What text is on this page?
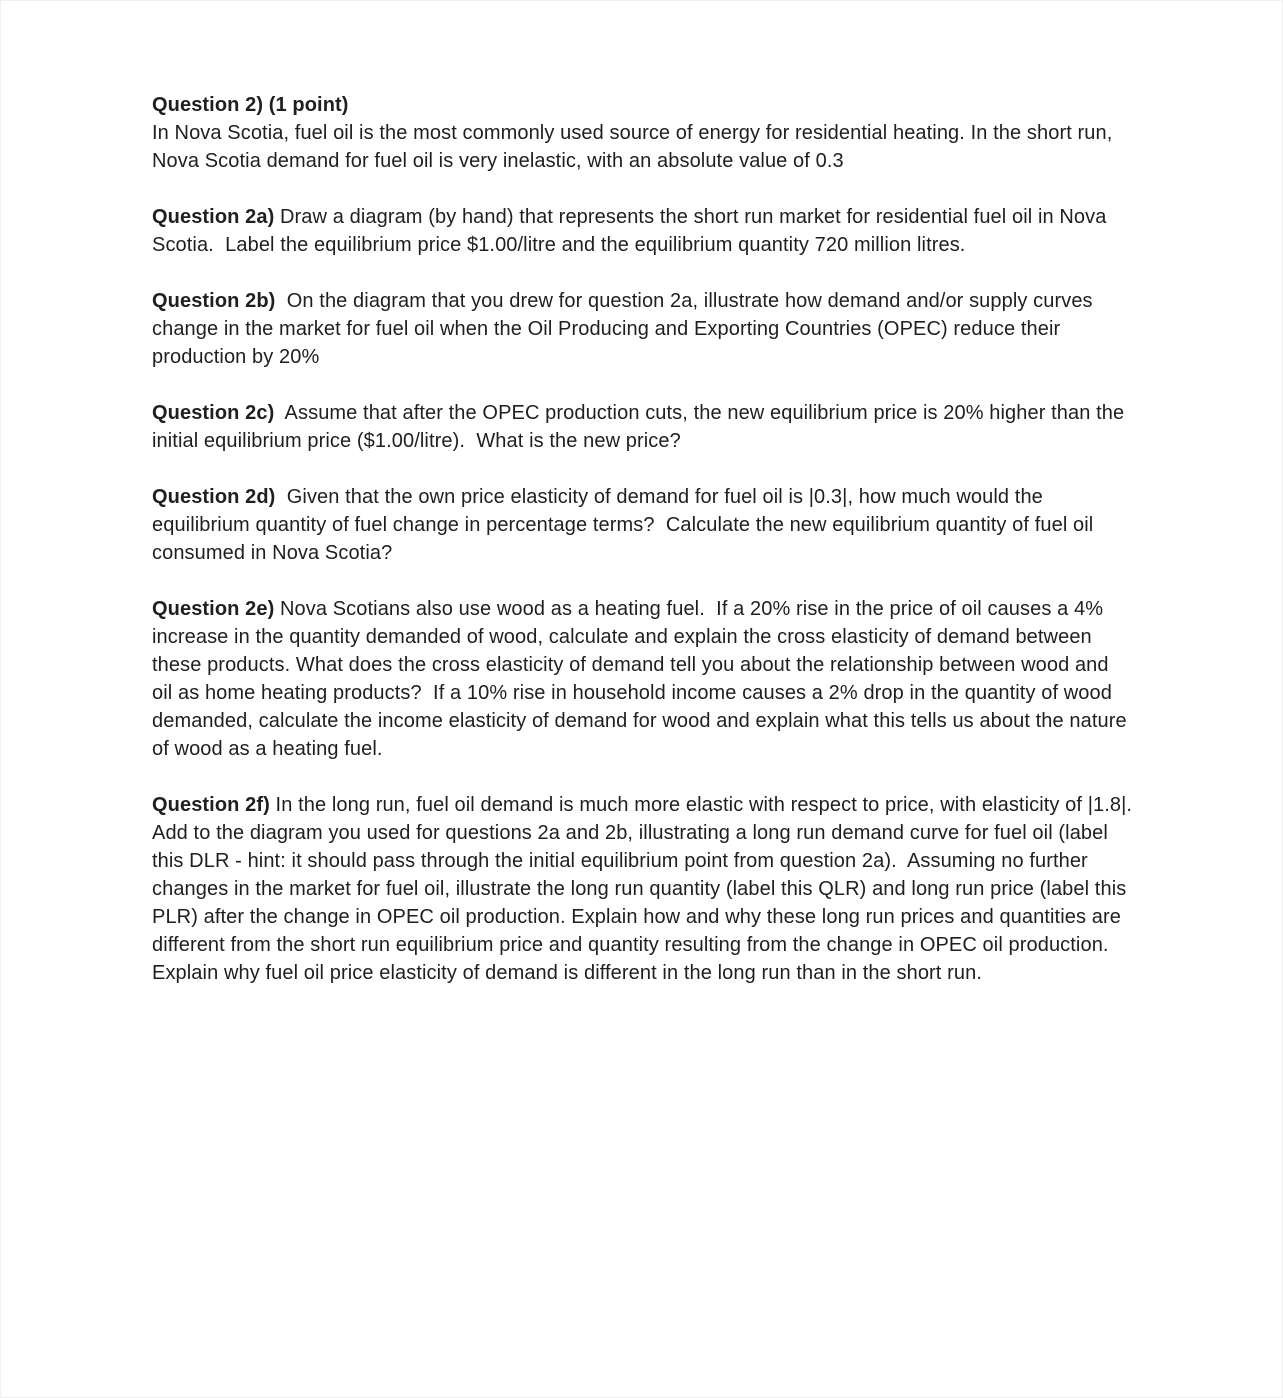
Question 2) (1 point)
In Nova Scotia, fuel oil is the most commonly used source of energy for residential heating. In the short run, Nova Scotia demand for fuel oil is very inelastic, with an absolute value of 0.3

Question 2a) Draw a diagram (by hand) that represents the short run market for residential fuel oil in Nova Scotia.  Label the equilibrium price $1.00/litre and the equilibrium quantity 720 million litres.

Question 2b)  On the diagram that you drew for question 2a, illustrate how demand and/or supply curves change in the market for fuel oil when the Oil Producing and Exporting Countries (OPEC) reduce their production by 20%

Question 2c)  Assume that after the OPEC production cuts, the new equilibrium price is 20% higher than the initial equilibrium price ($1.00/litre).  What is the new price?

Question 2d)  Given that the own price elasticity of demand for fuel oil is |0.3|, how much would the equilibrium quantity of fuel change in percentage terms?  Calculate the new equilibrium quantity of fuel oil consumed in Nova Scotia?

Question 2e) Nova Scotians also use wood as a heating fuel.  If a 20% rise in the price of oil causes a 4% increase in the quantity demanded of wood, calculate and explain the cross elasticity of demand between these products. What does the cross elasticity of demand tell you about the relationship between wood and oil as home heating products?  If a 10% rise in household income causes a 2% drop in the quantity of wood demanded, calculate the income elasticity of demand for wood and explain what this tells us about the nature of wood as a heating fuel.

Question 2f) In the long run, fuel oil demand is much more elastic with respect to price, with elasticity of |1.8|.  Add to the diagram you used for questions 2a and 2b, illustrating a long run demand curve for fuel oil (label this DLR - hint: it should pass through the initial equilibrium point from question 2a).  Assuming no further changes in the market for fuel oil, illustrate the long run quantity (label this QLR) and long run price (label this PLR) after the change in OPEC oil production. Explain how and why these long run prices and quantities are different from the short run equilibrium price and quantity resulting from the change in OPEC oil production.  Explain why fuel oil price elasticity of demand is different in the long run than in the short run.
